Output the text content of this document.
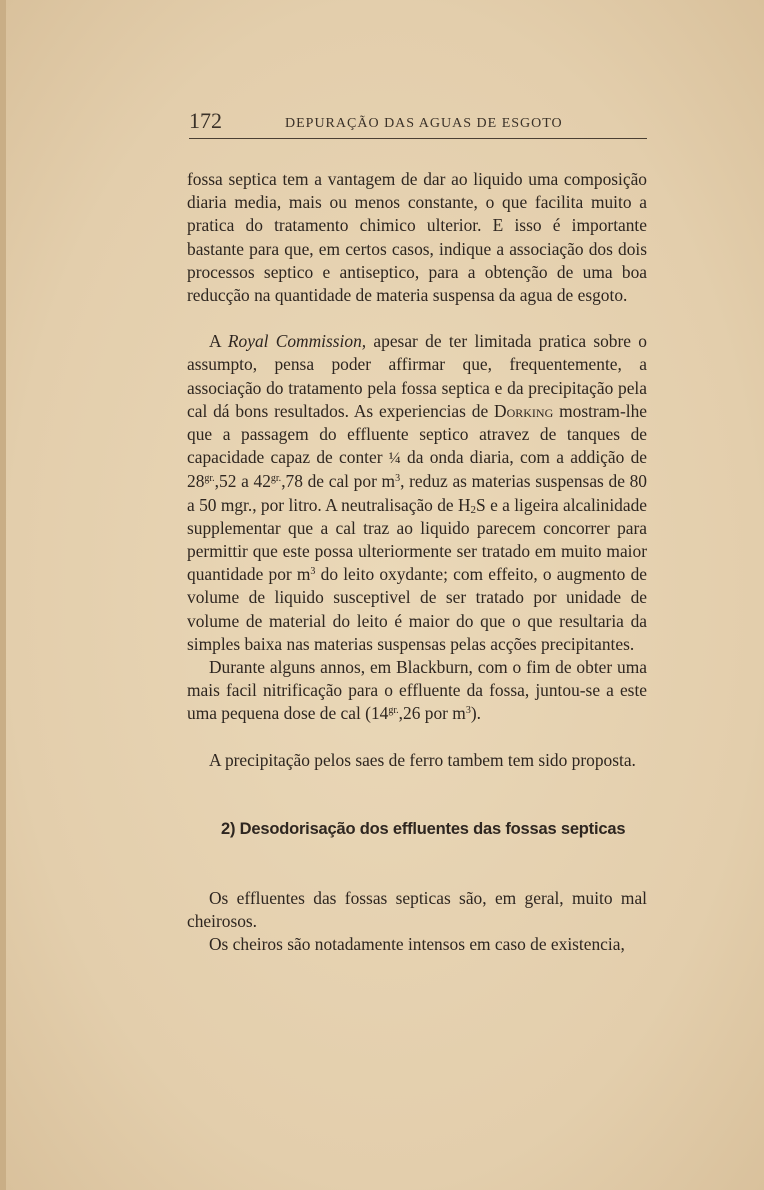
172	DEPURAÇÃO DAS AGUAS DE ESGOTO

fossa septica tem a vantagem de dar ao liquido uma composição diaria media, mais ou menos constante, o que facilita muito a pratica do tratamento chimico ulterior. E isso é importante bastante para que, em certos casos, indique a associação dos dois processos septico e antiseptico, para a obtenção de uma boa reducção na quantidade de materia suspensa da agua de esgoto.

A Royal Commission, apesar de ter limitada pratica sobre o assumpto, pensa poder affirmar que, frequentemente, a associação do tratamento pela fossa septica e da precipitação pela cal dá bons resultados. As experiencias de Dorking mostram-lhe que a passagem do effluente septico atravez de tanques de capacidade capaz de conter ¼ da onda diaria, com a addição de $28^{gr.},52$ a $42^{gr.},78$ de cal por $m^3$, reduz as materias suspensas de 80 a 50 mgr., por litro. A neutralisação de $H_2S$ e a ligeira alcalinidade supplementar que a cal traz ao liquido parecem concorrer para permittir que este possa ulteriormente ser tratado em muito maior quantidade por $m^3$ do leito oxydante; com effeito, o augmento de volume de liquido susceptivel de ser tratado por unidade de volume de material do leito é maior do que o que resultaria da simples baixa nas materias suspensas pelas acções precipitantes.

Durante alguns annos, em Blackburn, com o fim de obter uma mais facil nitrificação para o effluente da fossa, juntou-se a este uma pequena dose de cal ($14^{gr.},26$ por $m^3$).

A precipitação pelos saes de ferro tambem tem sido proposta.

2) Desodorisação dos effluentes das fossas septicas

Os effluentes das fossas septicas são, em geral, muito mal cheirosos.

Os cheiros são notadamente intensos em caso de existencia,
